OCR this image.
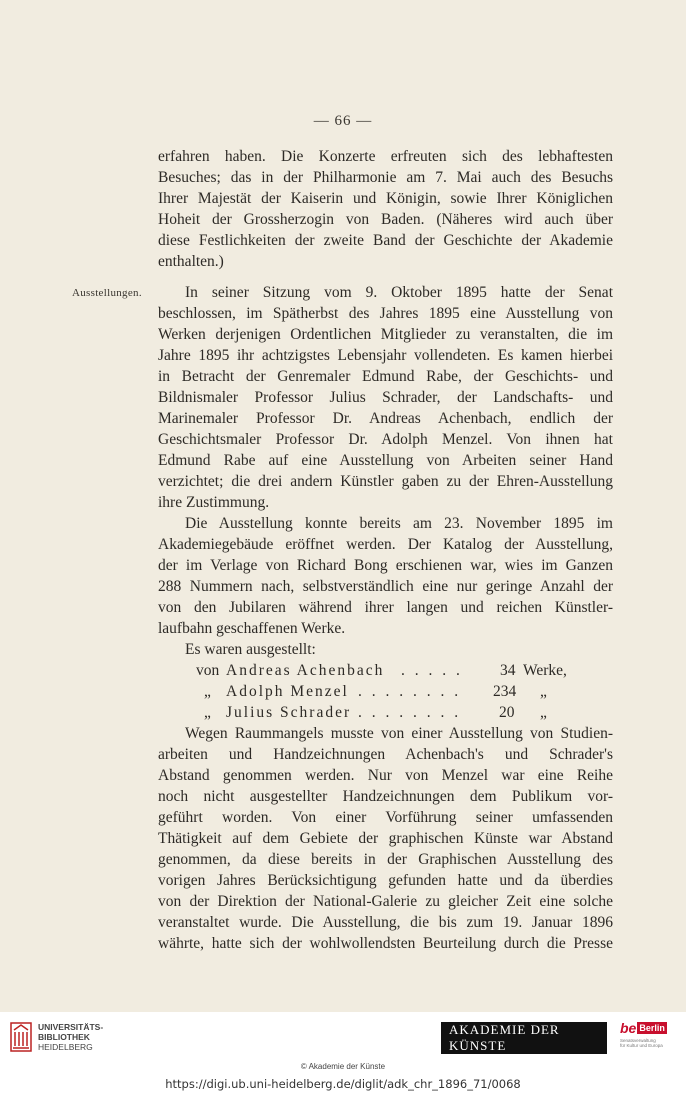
— 66 —
erfahren haben. Die Konzerte erfreuten sich des lebhaftesten
Besuches; das in der Philharmonie am 7. Mai auch des Besuchs
Ihrer Majestät der Kaiserin und Königin, sowie Ihrer Königlichen
Hoheit der Grossherzogin von Baden. (Näheres wird auch über
diese Festlichkeiten der zweite Band der Geschichte der Akademie
enthalten.)
Ausstellungen.	In seiner Sitzung vom 9. Oktober 1895 hatte der Senat
beschlossen, im Spätherbst des Jahres 1895 eine Ausstellung von
Werken derjenigen Ordentlichen Mitglieder zu veranstalten, die im
Jahre 1895 ihr achtzigstes Lebensjahr vollendeten. Es kamen hierbei
in Betracht der Genremaler Edmund Rabe, der Geschichts- und
Bildnismaler Professor Julius Schrader, der Landschafts- und
Marinemaler Professor Dr. Andreas Achenbach, endlich der
Geschichtsmaler Professor Dr. Adolph Menzel. Von ihnen hat
Edmund Rabe auf eine Ausstellung von Arbeiten seiner Hand
verzichtet; die drei andern Künstler gaben zu der Ehren-Ausstellung
ihre Zustimmung.
Die Ausstellung konnte bereits am 23. November 1895 im
Akademiegebäude eröffnet werden. Der Katalog der Ausstellung,
der im Verlage von Richard Bong erschienen war, wies im Ganzen
288 Nummern nach, selbstverständlich eine nur geringe Anzahl der
von den Jubilaren während ihrer langen und reichen Künstler-
laufbahn geschaffenen Werke.
Es waren ausgestellt:
von Andreas Achenbach . . . . . 34 Werke,
„ Adolph Menzel . . . . . . . . 234 „
„ Julius Schrader . . . . . . . . 20 „
Wegen Raummangels musste von einer Ausstellung von Studien-
arbeiten und Handzeichnungen Achenbach's und Schrader's
Abstand genommen werden. Nur von Menzel war eine Reihe
noch nicht ausgestellter Handzeichnungen dem Publikum vor-
geführt worden. Von einer Vorführung seiner umfassenden
Thätigkeit auf dem Gebiete der graphischen Künste war Abstand
genommen, da diese bereits in der Graphischen Ausstellung des
vorigen Jahres Berücksichtigung gefunden hatte und da überdies
von der Direktion der National-Galerie zu gleicher Zeit eine solche
veranstaltet wurde. Die Ausstellung, die bis zum 19. Januar 1896
währte, hatte sich der wohlwollendsten Beurteilung durch die Presse
UNIVERSITÄTS-
BIBLIOTHEK
HEIDELBERG
AKADEMIE DER KÜNSTE
be Berlin
Senatsverwaltung
für Kultur und Europa
© Akademie der Künste
https://digi.ub.uni-heidelberg.de/diglit/adk_chr_1896_71/0068
